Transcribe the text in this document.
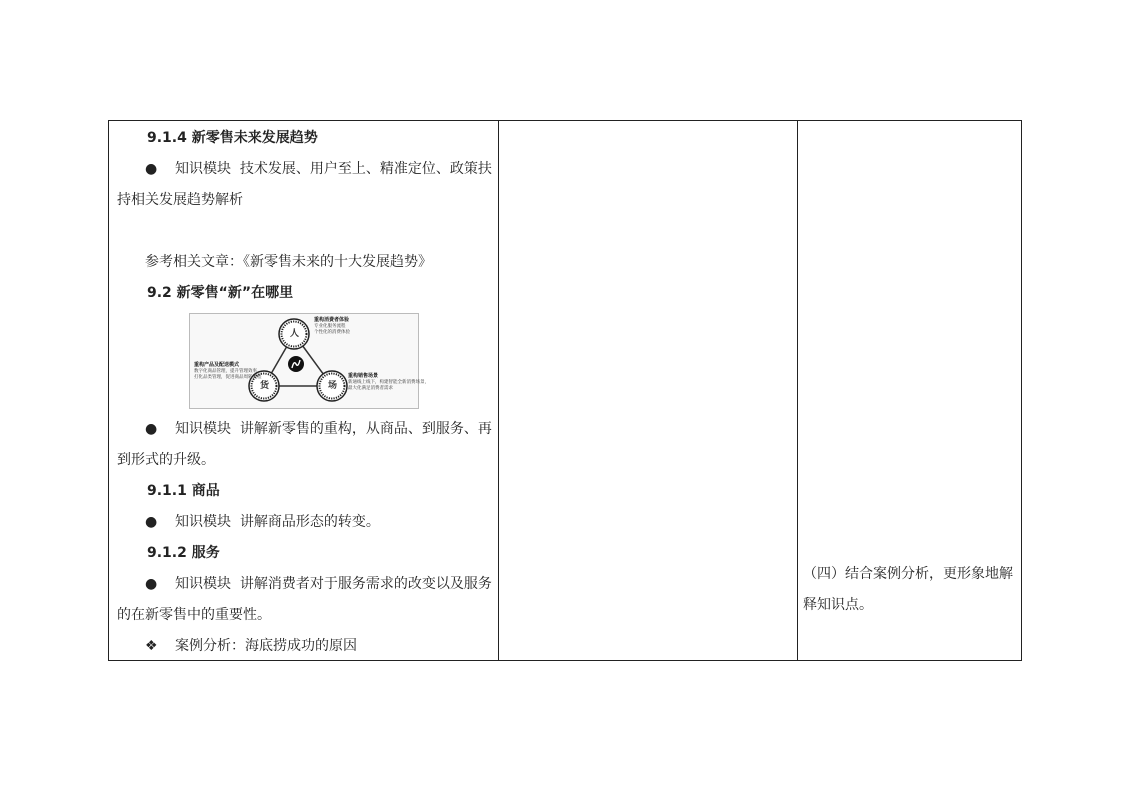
9.1.4 新零售未来发展趋势
● 知识模块 技术发展、用户至上、精准定位、政策扶
持相关发展趋势解析
参考相关文章：《新零售未来的十大发展趋势》
9.2 新零售“新”在哪里
人
货	场
重构消费者体验
专业化服务流程
个性化的消费体验
重构产品及配送模式
数字化商品管理，提升管理效率
打化品类管理，促进商品周转流程	重构销售场景
新通线上线下，构建智能全新消费场景，
最大化满足消费者需求
● 知识模块 讲解新零售的重构，从商品、到服务、再
到形式的升级。
9.1.1 商品
● 知识模块 讲解商品形态的转变。
9.1.2 服务
● 知识模块 讲解消费者对于服务需求的改变以及服务
的在新零售中的重要性。
❖ 案例分析：海底捞成功的原因
（四）结合案例分析，更形象地解
释知识点。
